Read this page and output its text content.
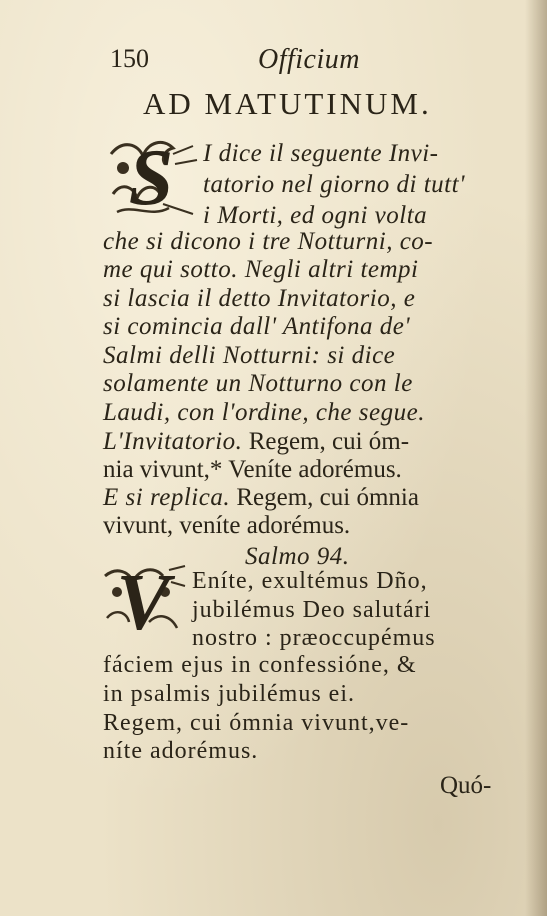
150	Officium
AD MATUTINUM.
S I dice il seguente Invi-
tatorio nel giorno di tutt'
i Morti, ed ogni volta
che si dicono i tre Notturni, co-
me qui sotto. Negli altri tempi
si lascia il detto Invitatorio, e
si comincia dall' Antifona de'
Salmi delli Notturni: si dice
solamente un Notturno con le
Laudi, con l'ordine, che segue.
L'Invitatorio. Regem, cui óm-
nia vivunt,* Veníte adorémus.
E si replica. Regem, cui ómnia
vivunt, veníte adorémus.
Salmo 94.
V Eníte, exultémus Dño,
jubilémus Deo salutári
nostro : præoccupémus
fáciem ejus in confessióne, &
in psalmis jubilémus ei.
Regem, cui ómnia vivunt,ve-
níte adorémus.
Quó-
